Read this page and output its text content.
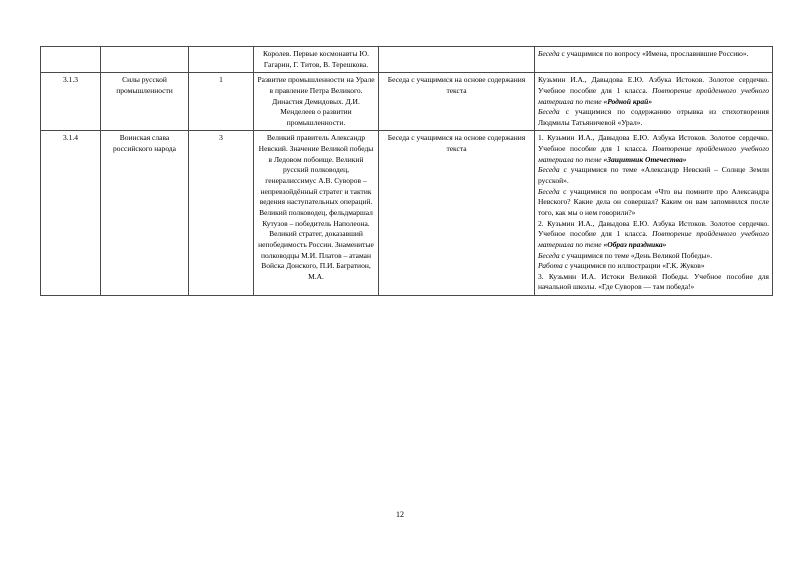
			Королев. Первые космонавты Ю. Гагарин, Г. Титов, В. Терешкова.		Беседа с учащимися по вопросу «Имена, прославившие Россию».
3.1.3	Силы русской промышленности	1	Развитие промышленности на Урале в правление Петра Великого. Династия Демидовых. Д.И. Менделеев о развитии промышленности.	Беседа с учащимися на основе содержания текста	Кузьмин И.А., Давыдова Е.Ю. Азбука Истоков. Золотое сердечко. Учебное пособие для 1 класса. Повторение пройденного учебного материала по теме «Родной край»
Беседа с учащимися по содержанию отрывка из стихотворения Людмилы Татьяничевой «Урал».
3.1.4	Воинская слава российского народа	3	Великий правитель Александр Невский. Значение Великой победы в Ледовом побоище. Великий русский полководец, генералиссимус А.В. Суворов – непревзойдённый стратег и тактик ведения наступательных операций. Великий полководец, фельдмаршал Кутузов – победитель Наполеона. Великий стратег, доказавший непобедимость России. Знаменитые полководцы М.И. Платов – атаман Войска Донского, П.И. Багратион, М.А.	Беседа с учащимися на основе содержания текста	1. Кузьмин И.А., Давыдова Е.Ю. Азбука Истоков. Золотое сердечко. Учебное пособие для 1 класса. Повторение пройденного учебного материала по теме «Защитник Отечества»
Беседа с учащимися по теме «Александр Невский – Солнце Земли русской».
Беседа с учащимися по вопросам «Что вы помните про Александра Невского? Какие дела он совершал? Каким он вам запомнился после того, как мы о нем говорили?»
2. Кузьмин И.А., Давыдова Е.Ю. Азбука Истоков. Золотое сердечко. Учебное пособие для 1 класса. Повторение пройденного учебного материала по теме «Образ праздника»
Беседа с учащимися по теме «День Великой Победы».
Работа с учащимися по иллюстрации «Г.К. Жуков»
3. Кузьмин И.А. Истоки Великой Победы. Учебное пособие для начальной школы. «Где Суворов — там победа!»
12
